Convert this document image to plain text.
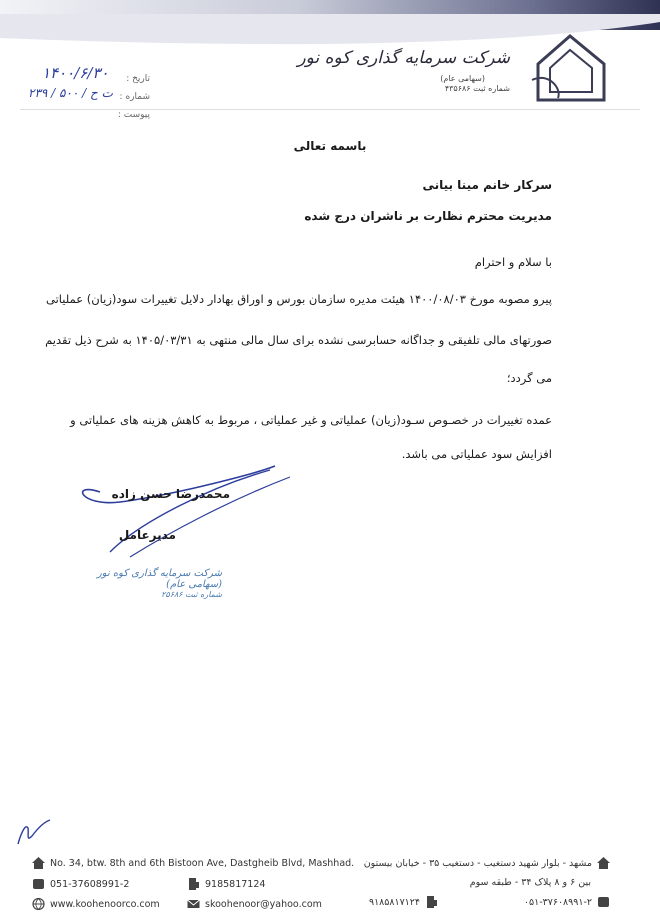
شرکت سرمایه گذاری کوه نور
(سهامی عام)
شماره ثبت ۴۳۵۶۸۶
تاریخ :
شماره :
پیوست :
۱۴۰۰/۶/۳۰
۲۳۹ / ت ح / ۵۰۰
باسمه تعالی
سرکار خانم مینا بیانی
مدیریت محترم نظارت بر ناشران درج شده
با سلام و احترام
پیرو مصوبه مورخ ۱۴۰۰/۰۸/۰۳ هیئت مدیره سازمان بورس و اوراق بهادار دلایل تغییرات سود(زیان) عملیاتی
صورتهای مالی تلفیقی و جداگانه حسابرسی نشده برای سال مالی منتهی به ۱۴۰۵/۰۳/۳۱ به شرح ذیل تقدیم
می گردد؛
عمده تغییرات در خصـوص سـود(زیان) عملیاتی و غیر عملیاتی ، مربوط به کاهش هزینه های عملیاتی و
افزایش سود عملیاتی می باشد.
محمدرضا حسن زاده
مدیرعامل
شرکت سرمایه گذاری کوه نور (سهامی عام)
شماره ثبت ۲۵۶۸۶
No. 34, btw. 8th and 6th Bistoon Ave, Dastgheib Blvd, Mashhad.
051-37608991-2	9185817124
www.koohenoorco.com	skoohenoor@yahoo.com
مشهد - بلوار شهید دستغیب - دستغیب ۳۵ - خیابان بیستون
بین ۶ و ۸ پلاک ۳۴ - طبقه سوم
۰۵۱-۳۷۶۰۸۹۹۱-۲
۹۱۸۵۸۱۷۱۲۴
